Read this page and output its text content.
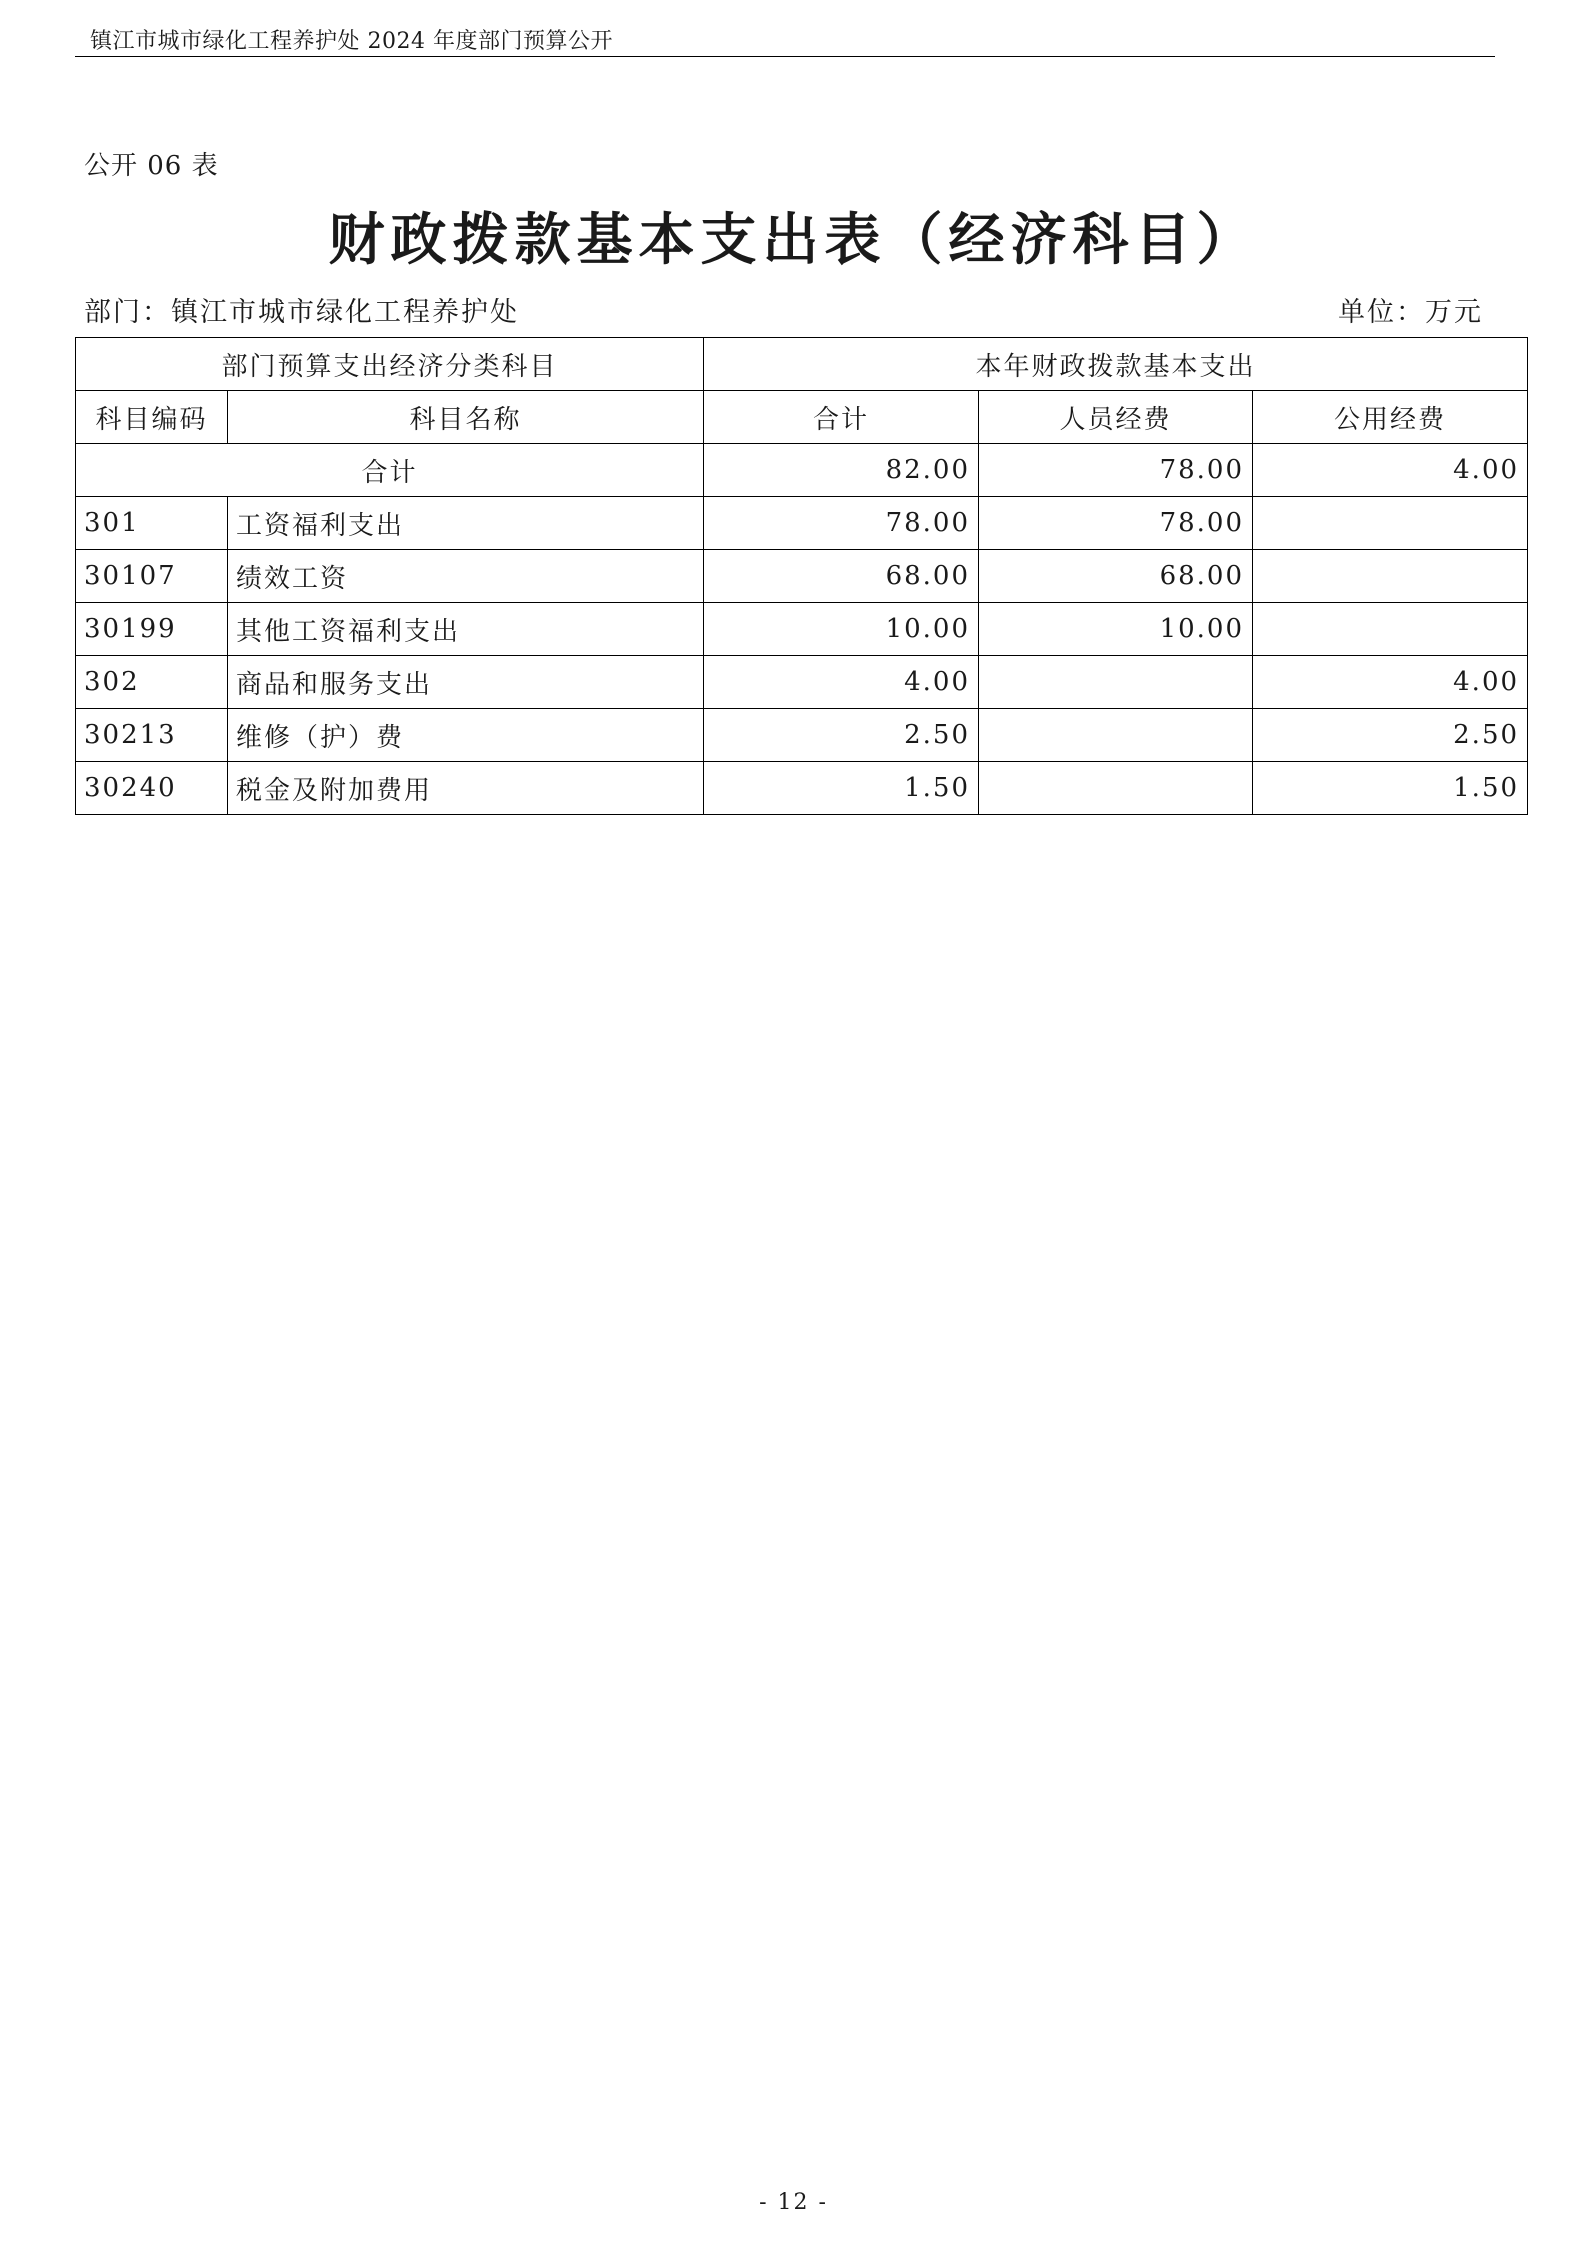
镇江市城市绿化工程养护处 2024 年度部门预算公开
公开 06 表
财政拨款基本支出表（经济科目）
部门：镇江市城市绿化工程养护处	单位：万元
部门预算支出经济分类科目		本年财政拨款基本支出		
科目编码	科目名称	合计	人员经费	公用经费
合计		82.00	78.00	4.00
301	工资福利支出	78.00	78.00	
30107	绩效工资	68.00	68.00	
30199	其他工资福利支出	10.00	10.00	
302	商品和服务支出	4.00		4.00
30213	维修（护）费	2.50		2.50
30240	税金及附加费用	1.50		1.50
- 12 -
